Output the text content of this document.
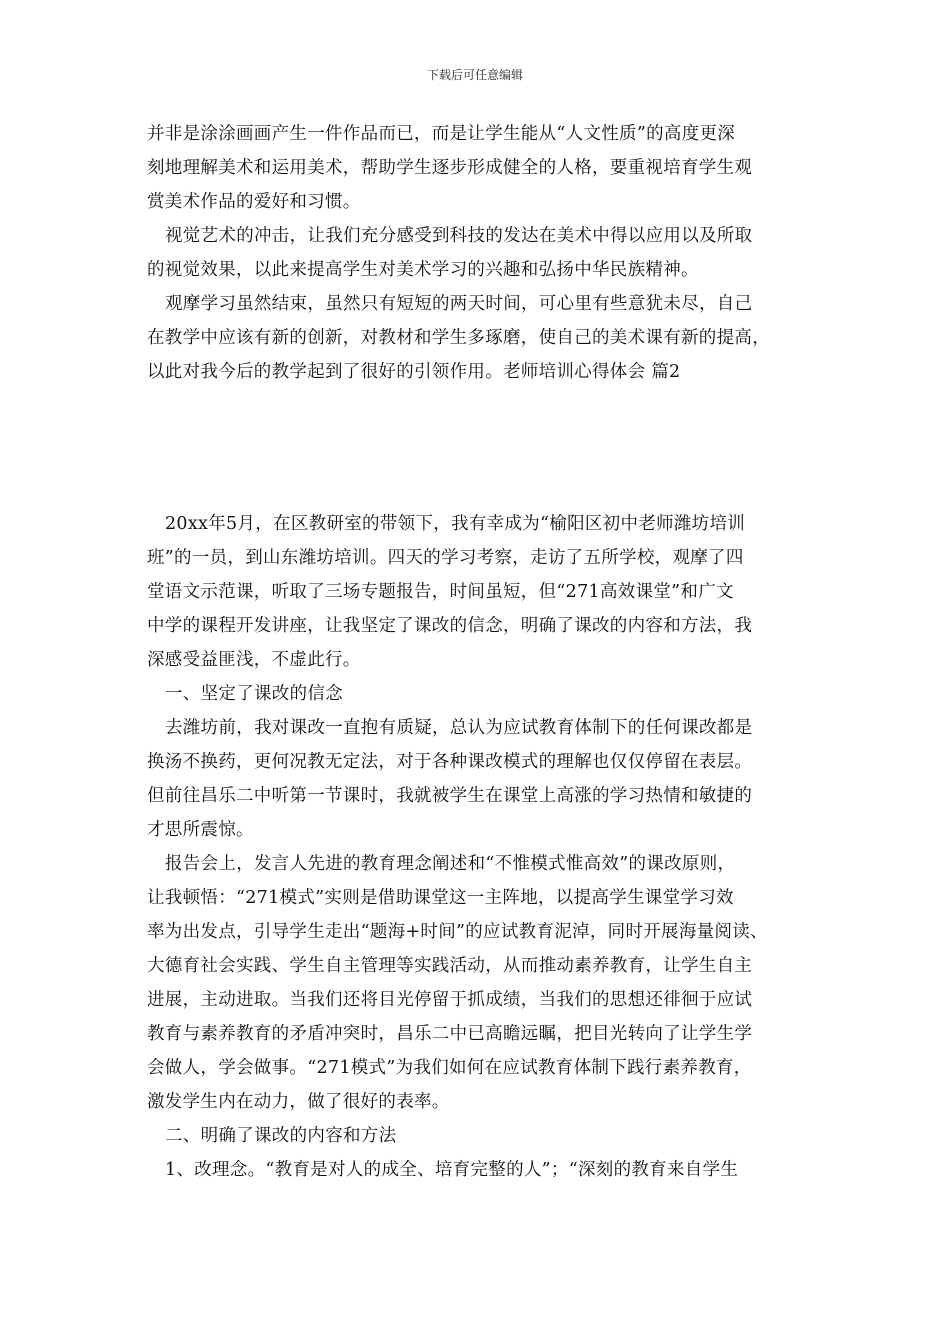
下载后可任意编辑
并非是涂涂画画产生一件作品而已，而是让学生能从“人文性质”的高度更深
刻地理解美术和运用美术，帮助学生逐步形成健全的人格，要重视培育学生观
赏美术作品的爱好和习惯。
视觉艺术的冲击，让我们充分感受到科技的发达在美术中得以应用以及所取
的视觉效果，以此来提高学生对美术学习的兴趣和弘扬中华民族精神。
观摩学习虽然结束，虽然只有短短的两天时间，可心里有些意犹未尽，自己
在教学中应该有新的创新，对教材和学生多琢磨，使自己的美术课有新的提高，
以此对我今后的教学起到了很好的引领作用。老师培训心得体会 篇2
20xx年5月，在区教研室的带领下，我有幸成为“榆阳区初中老师潍坊培训
班”的一员，到山东潍坊培训。四天的学习考察，走访了五所学校，观摩了四
堂语文示范课，听取了三场专题报告，时间虽短，但“271高效课堂”和广文
中学的课程开发讲座，让我坚定了课改的信念，明确了课改的内容和方法，我
深感受益匪浅，不虚此行。
一、坚定了课改的信念
去潍坊前，我对课改一直抱有质疑，总认为应试教育体制下的任何课改都是
换汤不换药，更何况教无定法，对于各种课改模式的理解也仅仅停留在表层。
但前往昌乐二中听第一节课时，我就被学生在课堂上高涨的学习热情和敏捷的
才思所震惊。
报告会上，发言人先进的教育理念阐述和“不惟模式惟高效”的课改原则，
让我顿悟：“271模式”实则是借助课堂这一主阵地，以提高学生课堂学习效
率为出发点，引导学生走出“题海+时间”的应试教育泥淖，同时开展海量阅读、
大德育社会实践、学生自主管理等实践活动，从而推动素养教育，让学生自主
进展，主动进取。当我们还将目光停留于抓成绩，当我们的思想还徘徊于应试
教育与素养教育的矛盾冲突时，昌乐二中已高瞻远瞩，把目光转向了让学生学
会做人，学会做事。“271模式”为我们如何在应试教育体制下践行素养教育，
激发学生内在动力，做了很好的表率。
二、明确了课改的内容和方法
1、改理念。“教育是对人的成全、培育完整的人”；“深刻的教育来自学生
